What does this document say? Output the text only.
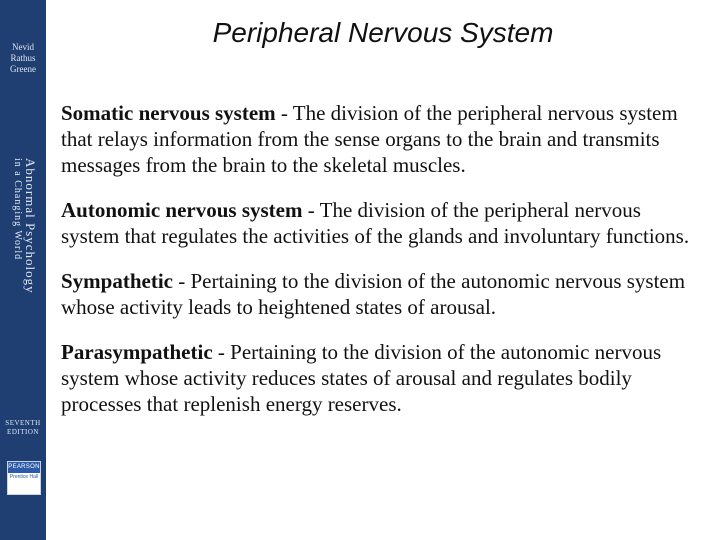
Nevid
Rathus
Greene
Abnormal Psychology
in a Changing World
SEVENTH
EDITION
PEARSON
Prentice Hall
Peripheral Nervous System

Somatic nervous system - The division of the peripheral nervous system that relays information from the sense organs to the brain and transmits messages from the brain to the skeletal muscles.

Autonomic nervous system - The division of the peripheral nervous system that regulates the activities of the glands and involuntary functions.

Sympathetic - Pertaining to the division of the autonomic nervous system whose activity leads to heightened states of arousal.

Parasympathetic - Pertaining to the division of the autonomic nervous system whose activity reduces states of arousal and regulates bodily processes that replenish energy reserves.
